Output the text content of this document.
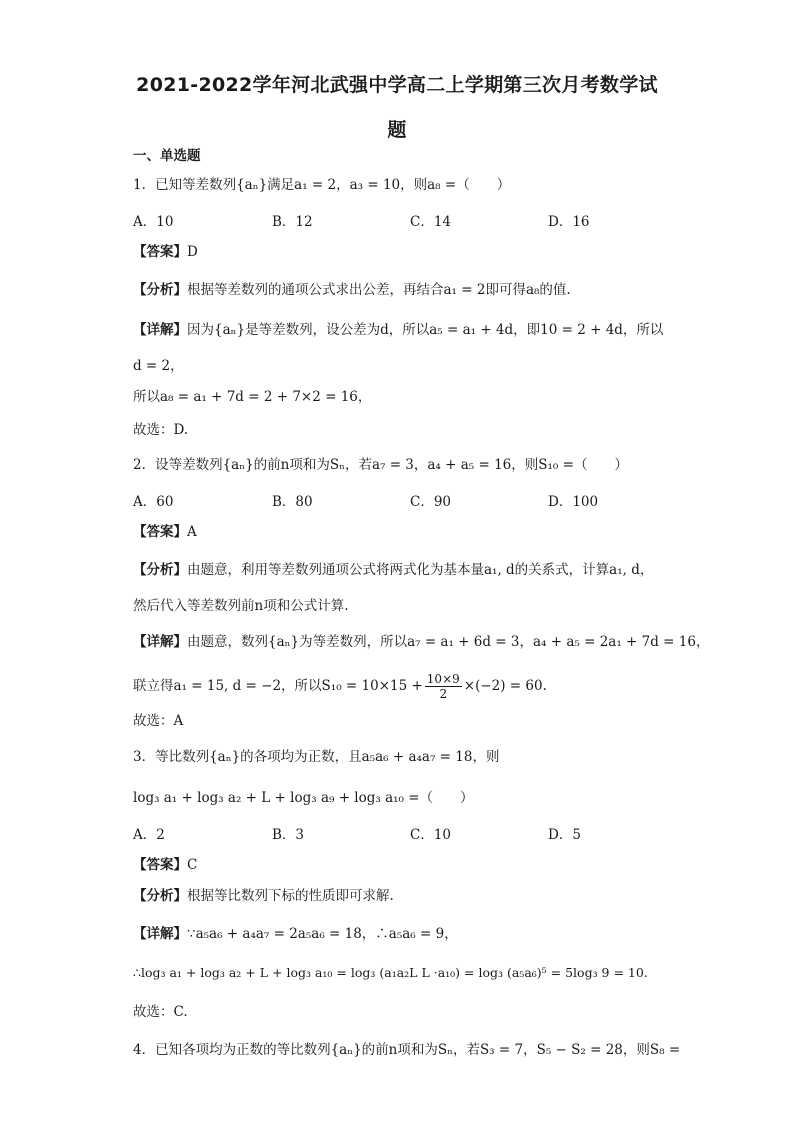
2021-2022学年河北武强中学高二上学期第三次月考数学试
题
一、单选题
1．已知等差数列{aₙ}满足a₁ = 2，a₃ = 10，则a₈ =（　　）
A．10	B．12	C．14	D．16
【答案】D
【分析】根据等差数列的通项公式求出公差，再结合a₁ = 2即可得a₈的值.
【详解】因为{aₙ}是等差数列，设公差为d，所以a₅ = a₁ + 4d，即10 = 2 + 4d，所以
d = 2，
所以a₈ = a₁ + 7d = 2 + 7×2 = 16，
故选：D.
2．设等差数列{aₙ}的前n项和为Sₙ，若a₇ = 3，a₄ + a₅ = 16，则S₁₀ =（　　）
A．60	B．80	C．90	D．100
【答案】A
【分析】由题意，利用等差数列通项公式将两式化为基本量a₁, d的关系式，计算a₁, d，
然后代入等差数列前n项和公式计算.
【详解】由题意，数列{aₙ}为等差数列，所以a₇ = a₁ + 6d = 3，a₄ + a₅ = 2a₁ + 7d = 16，
联立得a₁ = 15, d = −2，所以$S_{10} = 10\times 15 + \frac{10\times 9}{2} \times(-2) = 60$.
故选：A
3．等比数列{aₙ}的各项均为正数，且a₅a₆ + a₄a₇ = 18，则
log₃ a₁ + log₃ a₂ + L + log₃ a₉ + log₃ a₁₀ =（　　）
A．2	B．3	C．10	D．5
【答案】C
【分析】根据等比数列下标的性质即可求解.
【详解】∵a₅a₆ + a₄a₇ = 2a₅a₆ = 18，∴a₅a₆ = 9，
∴log₃ a₁ + log₃ a₂ + L + log₃ a₁₀ = log₃ (a₁a₂L L ·a₁₀) = log₃ (a₅a₆)⁵ = 5log₃ 9 = 10.
故选：C.
4．已知各项均为正数的等比数列{aₙ}的前n项和为Sₙ，若S₃ = 7，S₅ − S₂ = 28，则S₈ =
